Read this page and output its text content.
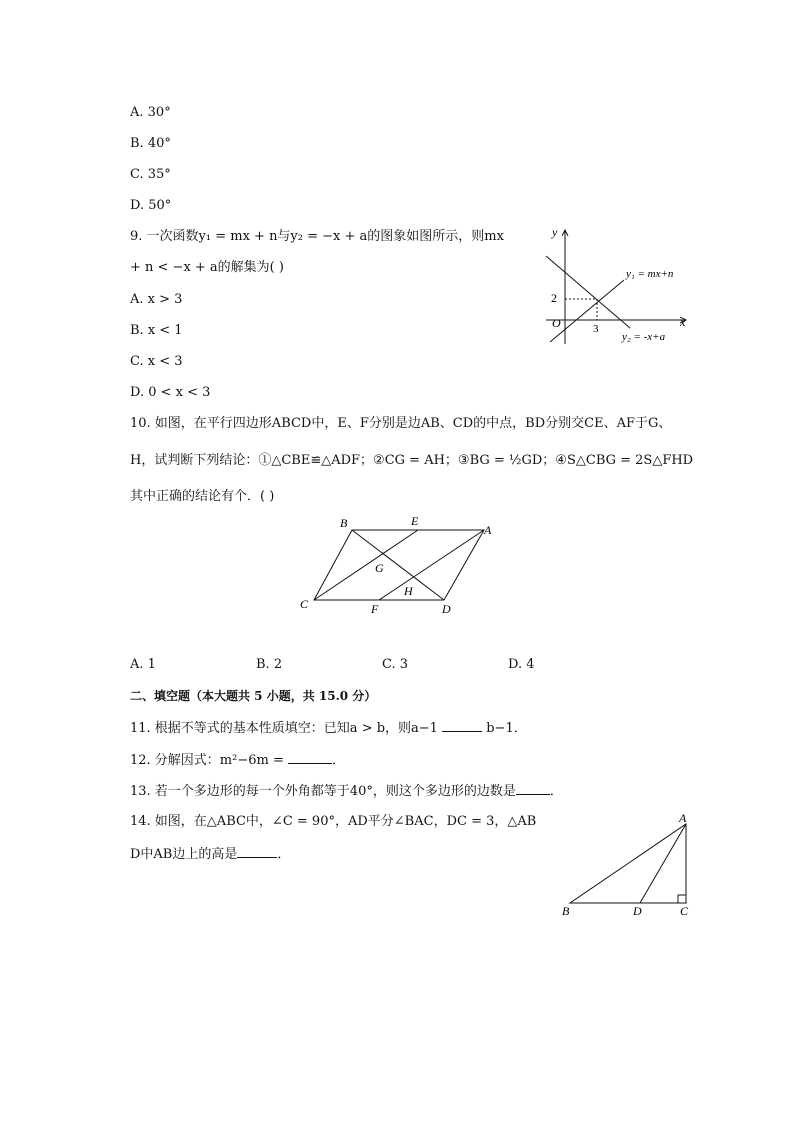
A. 30°
B. 40°
C. 35°
D. 50°
9. 一次函数y₁ = mx + n与y₂ = −x + a的图象如图所示，则mx
+ n < −x + a的解集为( )
A. x > 3
B. x < 1
C. x < 3
D. 0 < x < 3
y
x
O
2
3
y₁ = mx+n
y₂ = -x+a
10. 如图，在平行四边形ABCD中，E、F分别是边AB、CD的中点，BD分别交CE、AF于G、
H，试判断下列结论：①△CBE≌△ADF；②CG = AH；③BG = ½GD；④S△CBG = 2S△FHD
其中正确的结论有个．( )
B	E
A
G
H
C	F	D
A. 1	B. 2	C. 3	D. 4
二、填空题（本大题共 5 小题，共 15.0 分）
11. 根据不等式的基本性质填空：已知a > b，则a−1	b−1．
12. 分解因式：m²−6m =	．
13. 若一个多边形的每一个外角都等于40°，则这个多边形的边数是	．
14. 如图，在△ABC中，∠C = 90°，AD平分∠BAC，DC = 3，△AB
D中AB边上的高是	．
A
B	D	C
